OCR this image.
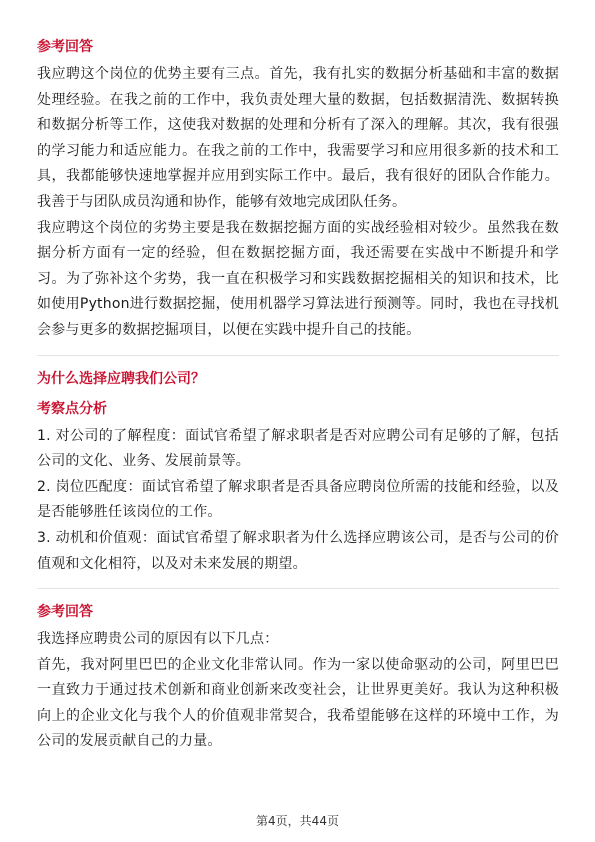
参考回答

我应聘这个岗位的优势主要有三点。首先，我有扎实的数据分析基础和丰富的数据处理经验。在我之前的工作中，我负责处理大量的数据，包括数据清洗、数据转换和数据分析等工作，这使我对数据的处理和分析有了深入的理解。其次，我有很强的学习能力和适应能力。在我之前的工作中，我需要学习和应用很多新的技术和工具，我都能够快速地掌握并应用到实际工作中。最后，我有很好的团队合作能力。我善于与团队成员沟通和协作，能够有效地完成团队任务。

我应聘这个岗位的劣势主要是我在数据挖掘方面的实战经验相对较少。虽然我在数据分析方面有一定的经验，但在数据挖掘方面，我还需要在实战中不断提升和学习。为了弥补这个劣势，我一直在积极学习和实践数据挖掘相关的知识和技术，比如使用Python进行数据挖掘，使用机器学习算法进行预测等。同时，我也在寻找机会参与更多的数据挖掘项目，以便在实践中提升自己的技能。

为什么选择应聘我们公司？
考察点分析

1. 对公司的了解程度：面试官希望了解求职者是否对应聘公司有足够的了解，包括公司的文化、业务、发展前景等。

2. 岗位匹配度：面试官希望了解求职者是否具备应聘岗位所需的技能和经验，以及是否能够胜任该岗位的工作。

3. 动机和价值观：面试官希望了解求职者为什么选择应聘该公司，是否与公司的价值观和文化相符，以及对未来发展的期望。

参考回答

我选择应聘贵公司的原因有以下几点：

首先，我对阿里巴巴的企业文化非常认同。作为一家以使命驱动的公司，阿里巴巴一直致力于通过技术创新和商业创新来改变社会，让世界更美好。我认为这种积极向上的企业文化与我个人的价值观非常契合，我希望能够在这样的环境中工作，为公司的发展贡献自己的力量。

第4页，共44页
